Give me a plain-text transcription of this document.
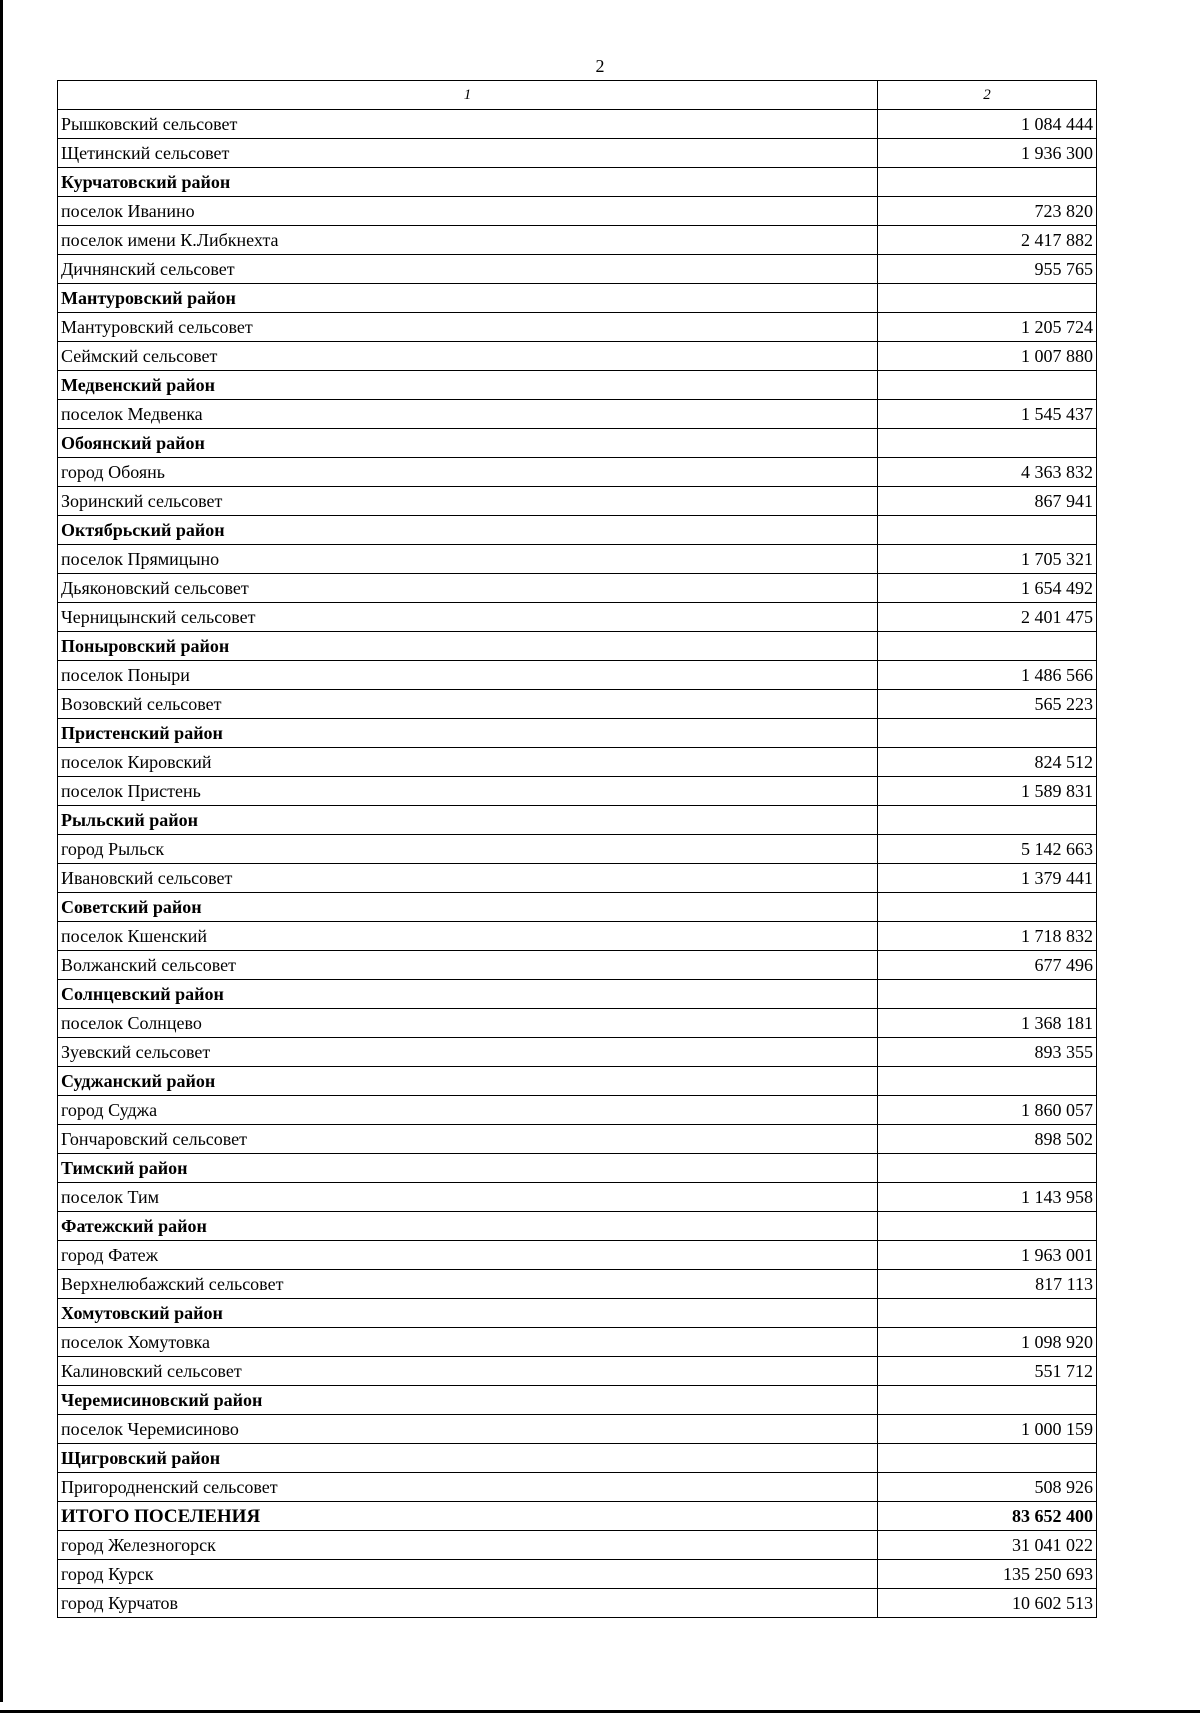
2
1	2
Рышковский сельсовет	1 084 444
Щетинский сельсовет	1 936 300
Курчатовский район	
поселок Иванино	723 820
поселок имени К.Либкнехта	2 417 882
Дичнянский сельсовет	955 765
Мантуровский район	
Мантуровский сельсовет	1 205 724
Сеймский сельсовет	1 007 880
Медвенский район	
поселок Медвенка	1 545 437
Обоянский район	
город Обоянь	4 363 832
Зоринский сельсовет	867 941
Октябрьский район	
поселок Прямицыно	1 705 321
Дьяконовский сельсовет	1 654 492
Черницынский сельсовет	2 401 475
Поныровский район	
поселок Поныри	1 486 566
Возовский сельсовет	565 223
Пристенский район	
поселок Кировский	824 512
поселок Пристень	1 589 831
Рыльский район	
город Рыльск	5 142 663
Ивановский сельсовет	1 379 441
Советский район	
поселок Кшенский	1 718 832
Волжанский сельсовет	677 496
Солнцевский район	
поселок Солнцево	1 368 181
Зуевский сельсовет	893 355
Суджанский район	
город Суджа	1 860 057
Гончаровский сельсовет	898 502
Тимский район	
поселок Тим	1 143 958
Фатежский район	
город Фатеж	1 963 001
Верхнелюбажский сельсовет	817 113
Хомутовский район	
поселок Хомутовка	1 098 920
Калиновский сельсовет	551 712
Черемисиновский район	
поселок Черемисиново	1 000 159
Щигровский район	
Пригородненский сельсовет	508 926
ИТОГО ПОСЕЛЕНИЯ	83 652 400
город Железногорск	31 041 022
город Курск	135 250 693
город Курчатов	10 602 513
